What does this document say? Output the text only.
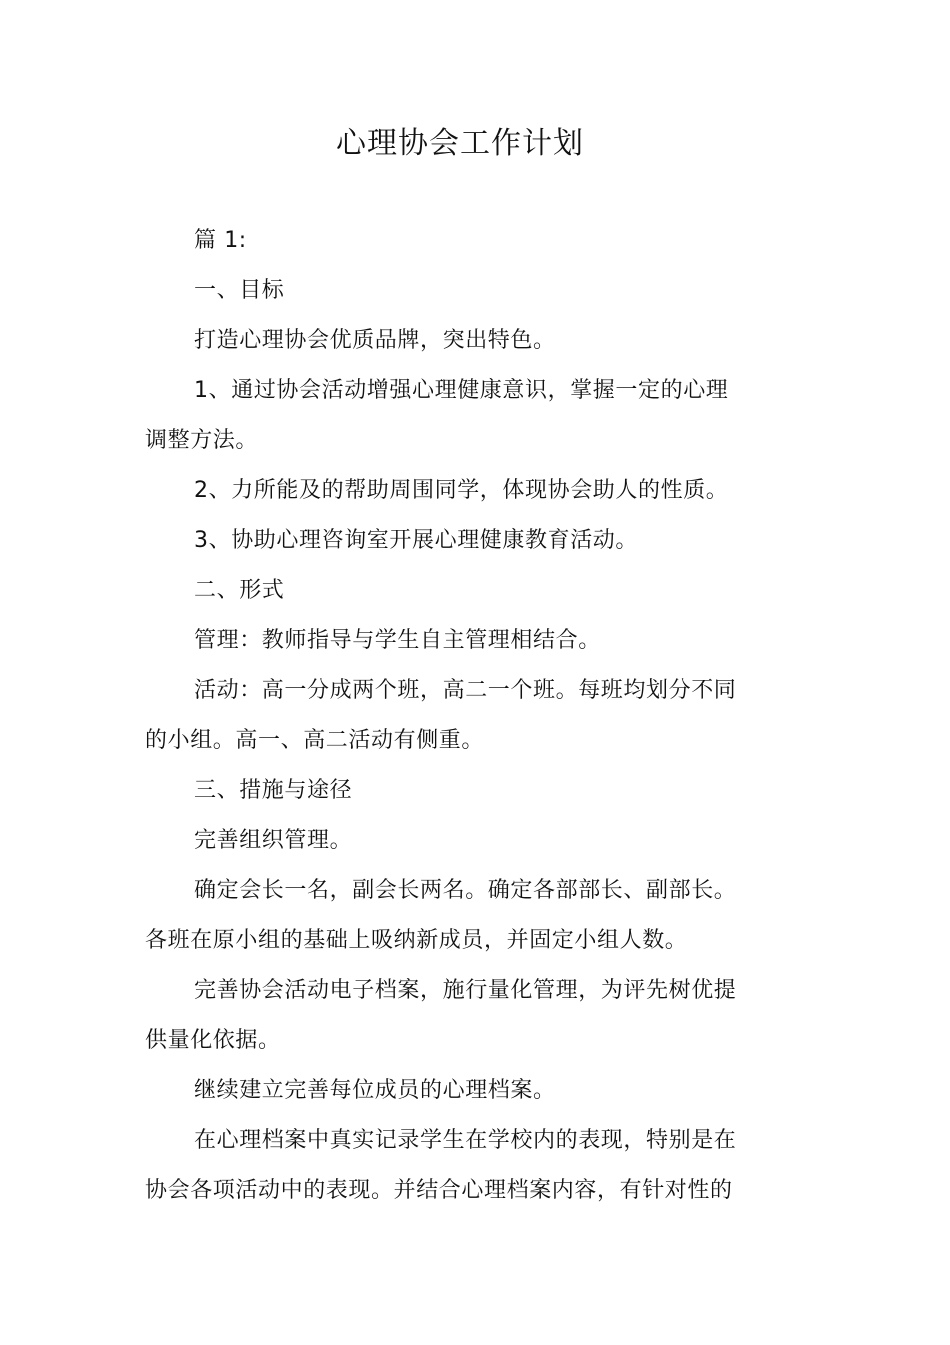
心理协会工作计划
篇 1:
一、目标
打造心理协会优质品牌，突出特色。
1、通过协会活动增强心理健康意识，掌握一定的心理
调整方法。
2、力所能及的帮助周围同学，体现协会助人的性质。
3、协助心理咨询室开展心理健康教育活动。
二、形式
管理：教师指导与学生自主管理相结合。
活动：高一分成两个班，高二一个班。每班均划分不同
的小组。高一、高二活动有侧重。
三、措施与途径
完善组织管理。
确定会长一名，副会长两名。确定各部部长、副部长。
各班在原小组的基础上吸纳新成员，并固定小组人数。
完善协会活动电子档案，施行量化管理，为评先树优提
供量化依据。
继续建立完善每位成员的心理档案。
在心理档案中真实记录学生在学校内的表现，特别是在
协会各项活动中的表现。并结合心理档案内容，有针对性的
